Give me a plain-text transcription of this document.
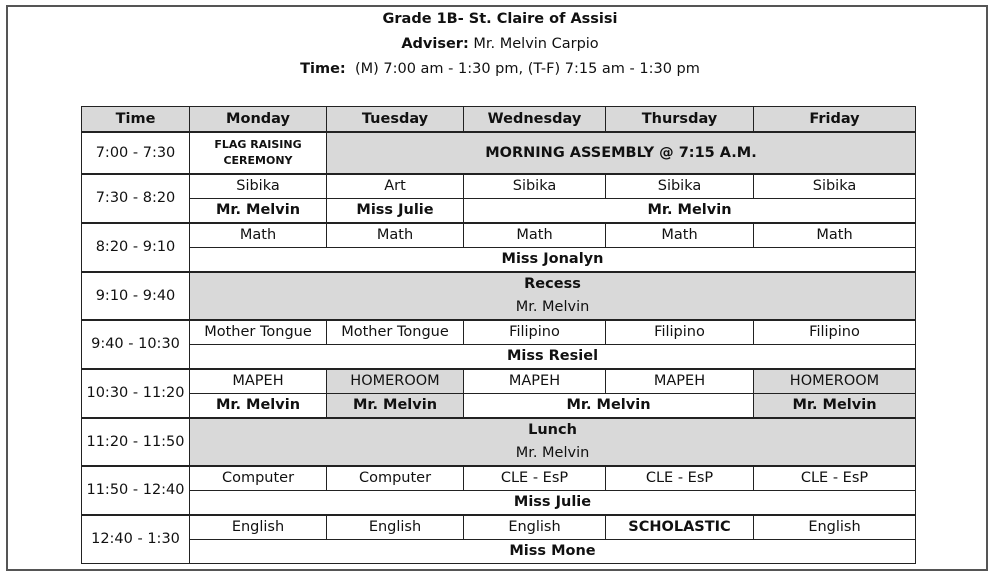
Grade 1B- St. Claire of Assisi
Adviser: Mr. Melvin Carpio
Time: (M) 7:00 am - 1:30 pm, (T-F) 7:15 am - 1:30 pm
Time	Monday	Tuesday	Wednesday	Thursday	Friday
7:00 - 7:30	FLAG RAISING CEREMONY	MORNING ASSEMBLY @ 7:15 A.M.			
7:30 - 8:20	Sibika	Art	Sibika	Sibika	Sibika
	Mr. Melvin	Miss Julie	Mr. Melvin		
8:20 - 9:10	Math	Math	Math	Math	Math
	Miss Jonalyn				
9:10 - 9:40	Recess				
	Mr. Melvin				
9:40 - 10:30	Mother Tongue	Mother Tongue	Filipino	Filipino	Filipino
	Miss Resiel				
10:30 - 11:20	MAPEH	HOMEROOM	MAPEH	MAPEH	HOMEROOM
	Mr. Melvin	Mr. Melvin	Mr. Melvin		Mr. Melvin
11:20 - 11:50	Lunch				
	Mr. Melvin				
11:50 - 12:40	Computer	Computer	CLE - EsP	CLE - EsP	CLE - EsP
	Miss Julie				
12:40 - 1:30	English	English	English	SCHOLASTIC	English
	Miss Mone				
